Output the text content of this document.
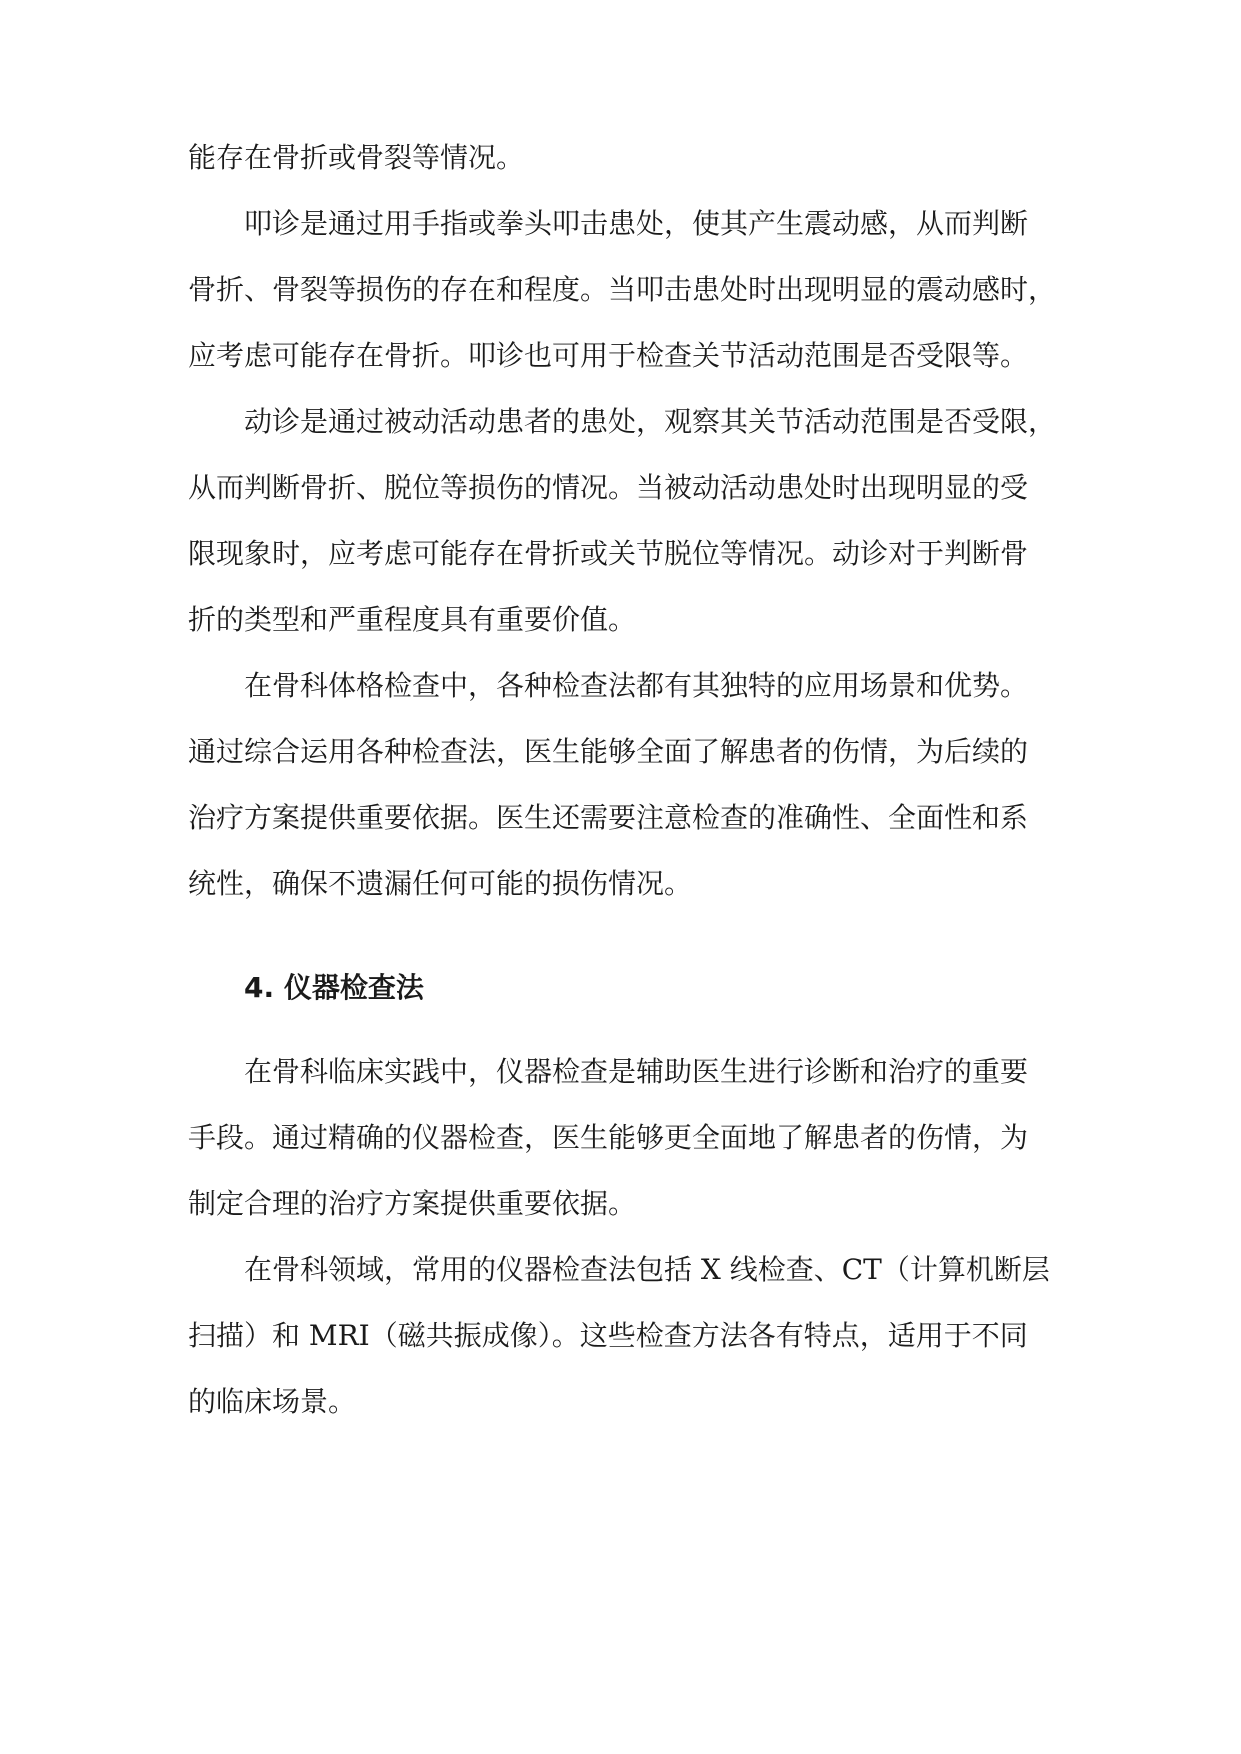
能存在骨折或骨裂等情况。
叩诊是通过用手指或拳头叩击患处，使其产生震动感，从而判断
骨折、骨裂等损伤的存在和程度。当叩击患处时出现明显的震动感时，
应考虑可能存在骨折。叩诊也可用于检查关节活动范围是否受限等。
动诊是通过被动活动患者的患处，观察其关节活动范围是否受限，
从而判断骨折、脱位等损伤的情况。当被动活动患处时出现明显的受
限现象时，应考虑可能存在骨折或关节脱位等情况。动诊对于判断骨
折的类型和严重程度具有重要价值。
在骨科体格检查中，各种检查法都有其独特的应用场景和优势。
通过综合运用各种检查法，医生能够全面了解患者的伤情，为后续的
治疗方案提供重要依据。医生还需要注意检查的准确性、全面性和系
统性，确保不遗漏任何可能的损伤情况。
4. 仪器检查法
在骨科临床实践中，仪器检查是辅助医生进行诊断和治疗的重要
手段。通过精确的仪器检查，医生能够更全面地了解患者的伤情，为
制定合理的治疗方案提供重要依据。
在骨科领域，常用的仪器检查法包括 X 线检查、CT（计算机断层
扫描）和 MRI（磁共振成像）。这些检查方法各有特点，适用于不同
的临床场景。
